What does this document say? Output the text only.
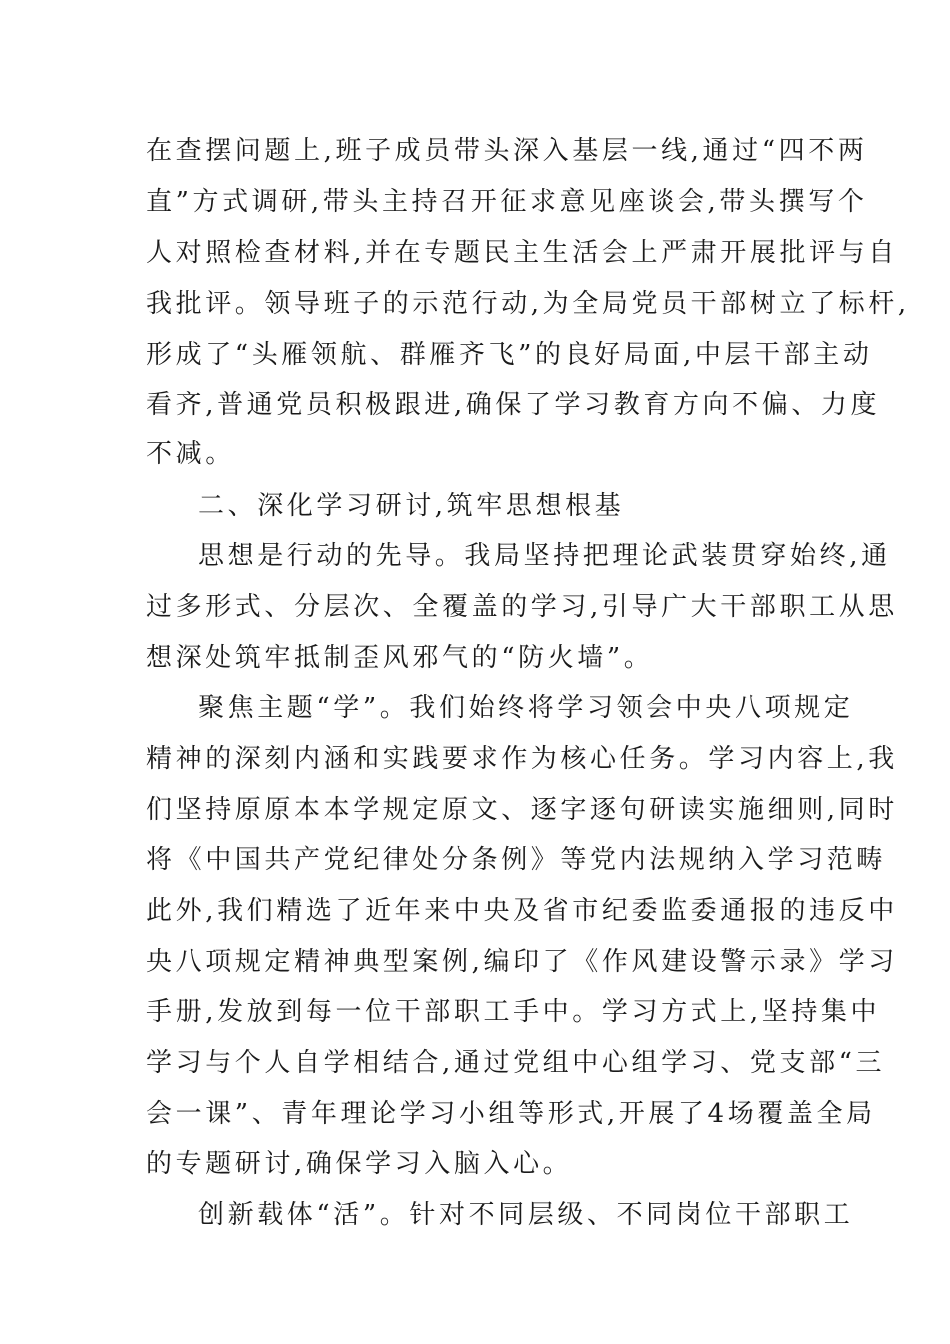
在查摆问题上,班子成员带头深入基层一线,通过“四不两
直”方式调研,带头主持召开征求意见座谈会,带头撰写个
人对照检查材料,并在专题民主生活会上严肃开展批评与自
我批评。领导班子的示范行动,为全局党员干部树立了标杆,
形成了“头雁领航、群雁齐飞”的良好局面,中层干部主动
看齐,普通党员积极跟进,确保了学习教育方向不偏、力度
不减。
二、深化学习研讨,筑牢思想根基
思想是行动的先导。我局坚持把理论武装贯穿始终,通
过多形式、分层次、全覆盖的学习,引导广大干部职工从思
想深处筑牢抵制歪风邪气的“防火墙”。
聚焦主题“学”。我们始终将学习领会中央八项规定
精神的深刻内涵和实践要求作为核心任务。学习内容上,我
们坚持原原本本学规定原文、逐字逐句研读实施细则,同时
将《中国共产党纪律处分条例》等党内法规纳入学习范畴
此外,我们精选了近年来中央及省市纪委监委通报的违反中
央八项规定精神典型案例,编印了《作风建设警示录》学习
手册,发放到每一位干部职工手中。学习方式上,坚持集中
学习与个人自学相结合,通过党组中心组学习、党支部“三
会一课”、青年理论学习小组等形式,开展了4场覆盖全局
的专题研讨,确保学习入脑入心。
创新载体“活”。针对不同层级、不同岗位干部职工
